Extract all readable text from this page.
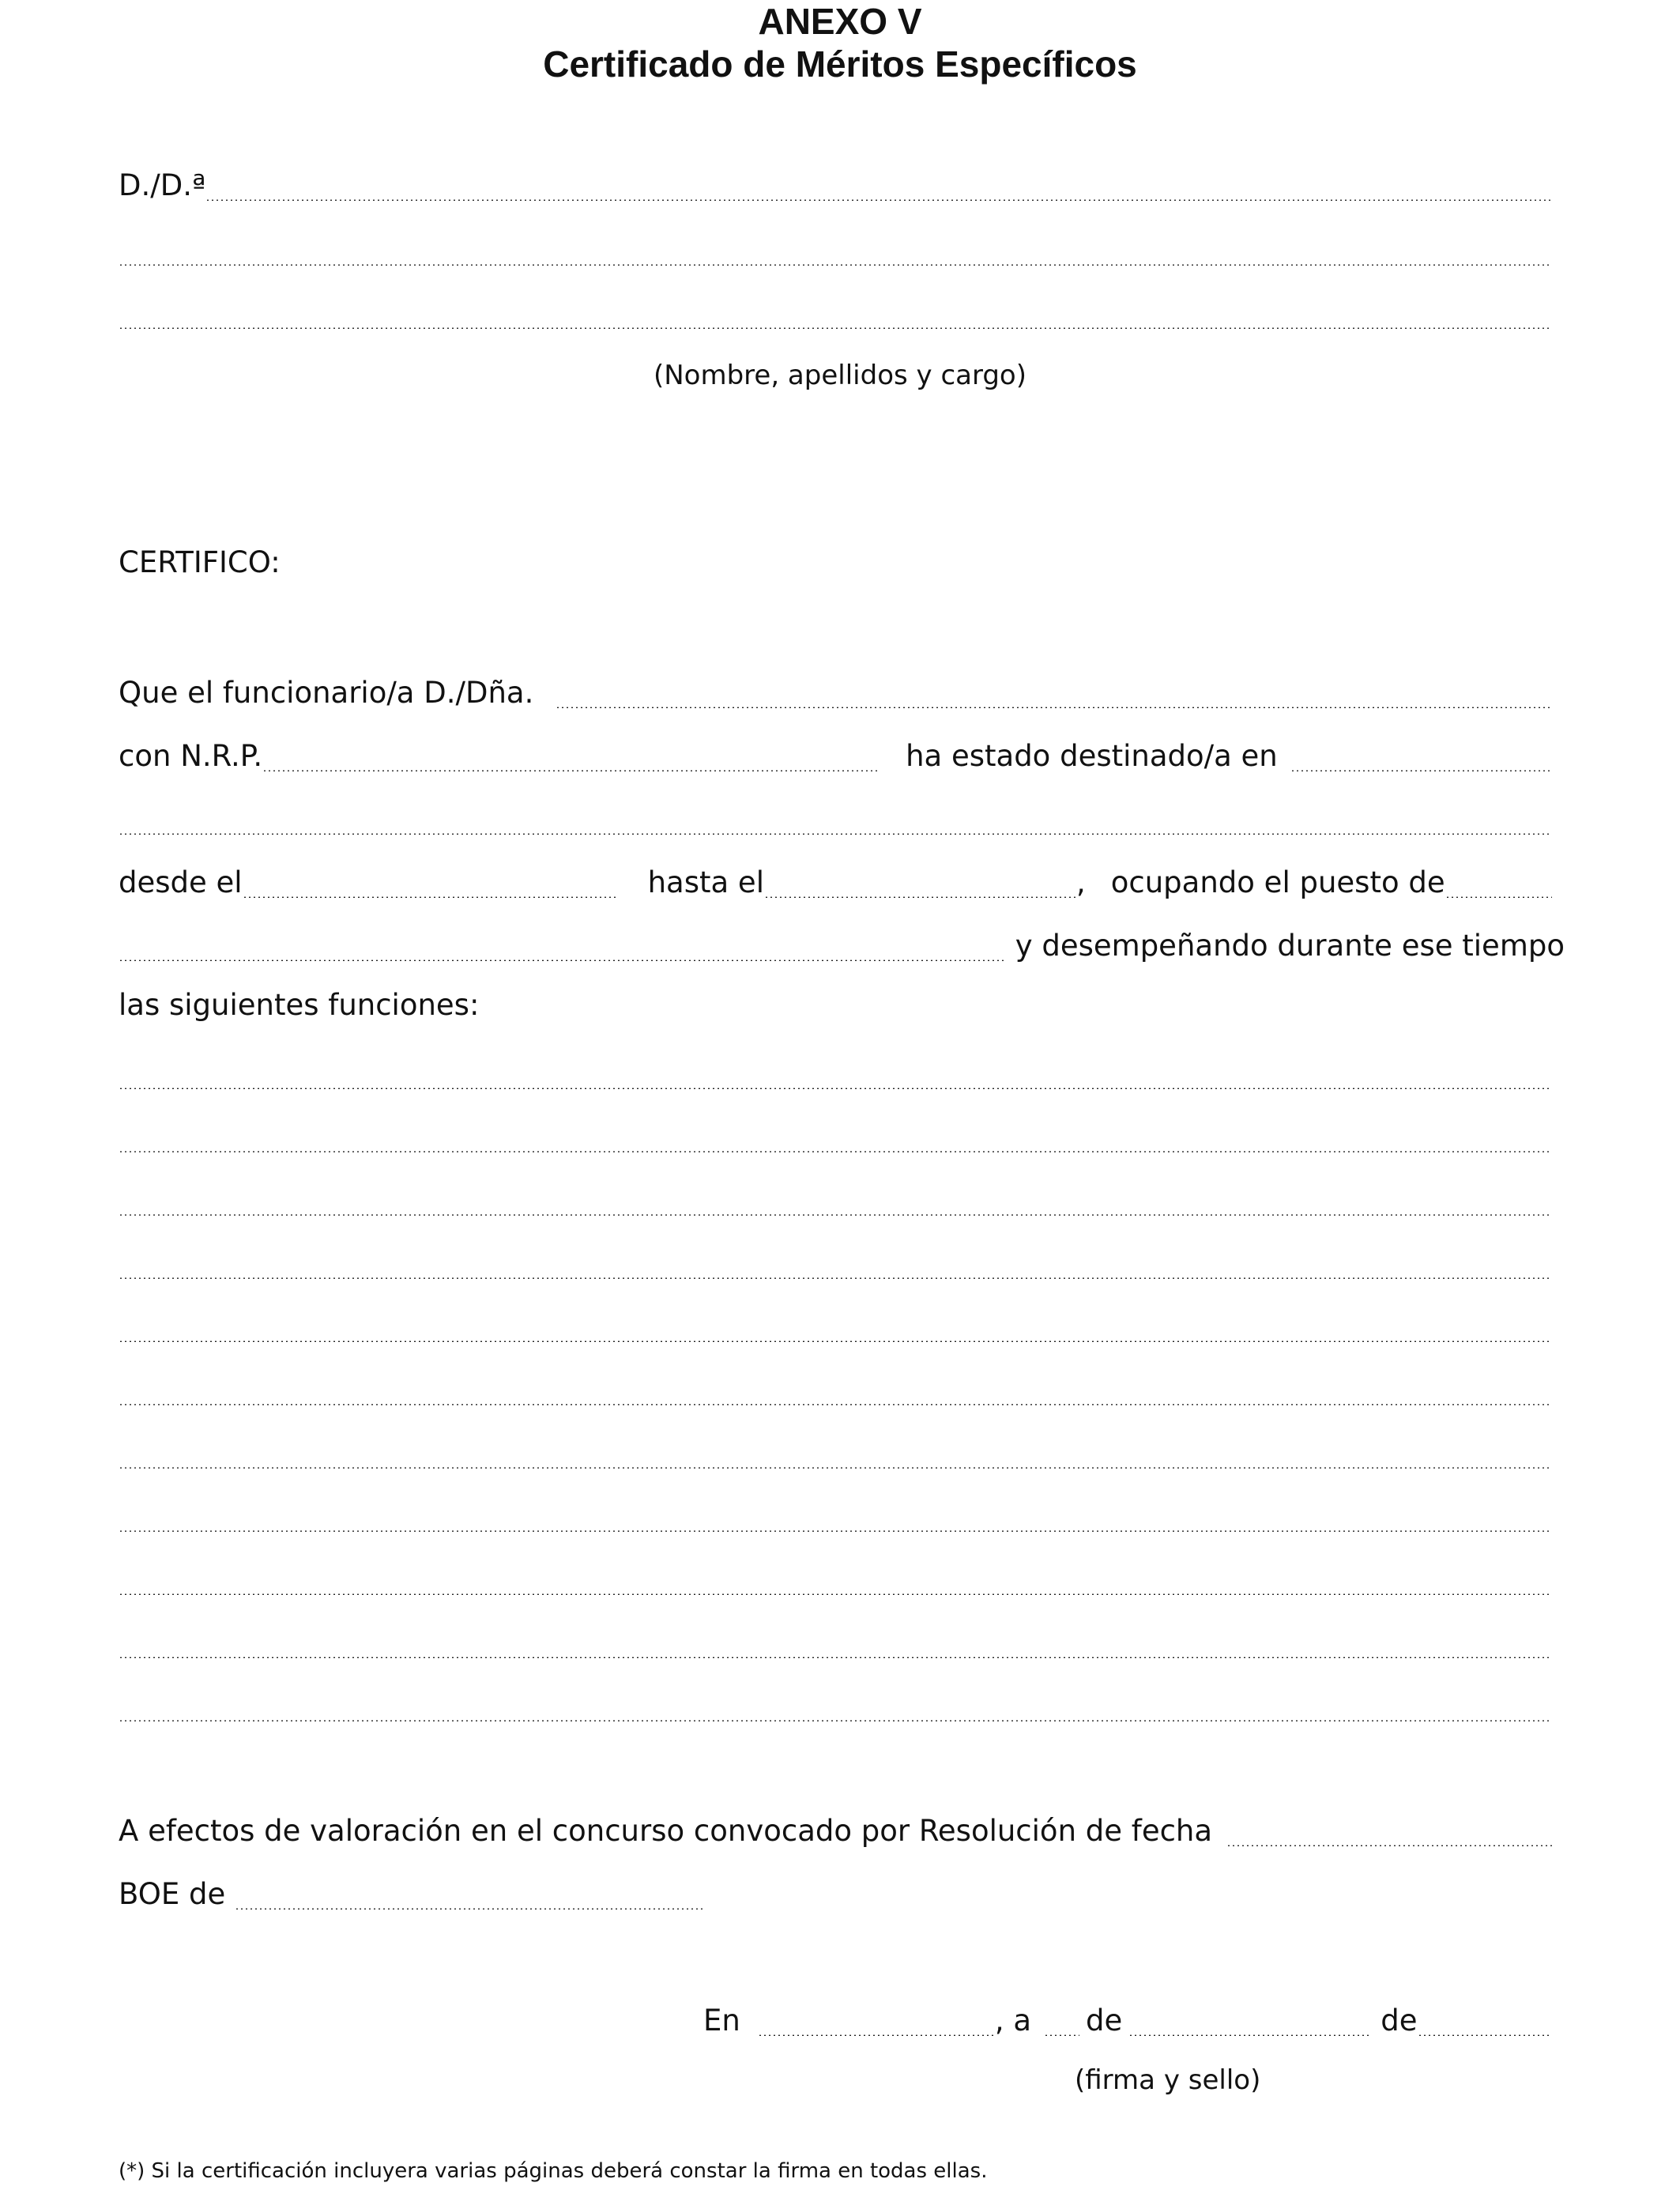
ANEXO V
Certificado de Méritos Específicos
D./D.ª
(Nombre, apellidos y cargo)
CERTIFICO:
Que el funcionario/a D./Dña.
con N.R.P.	ha estado destinado/a en
desde el	hasta el	, ocupando el puesto de
y desempeñando durante ese tiempo
las siguientes funciones:
A efectos de valoración en el concurso convocado por Resolución de fecha
BOE de
En	, a de	de
(firma y sello)
(*) Si la certificación incluyera varias páginas deberá constar la firma en todas ellas.
